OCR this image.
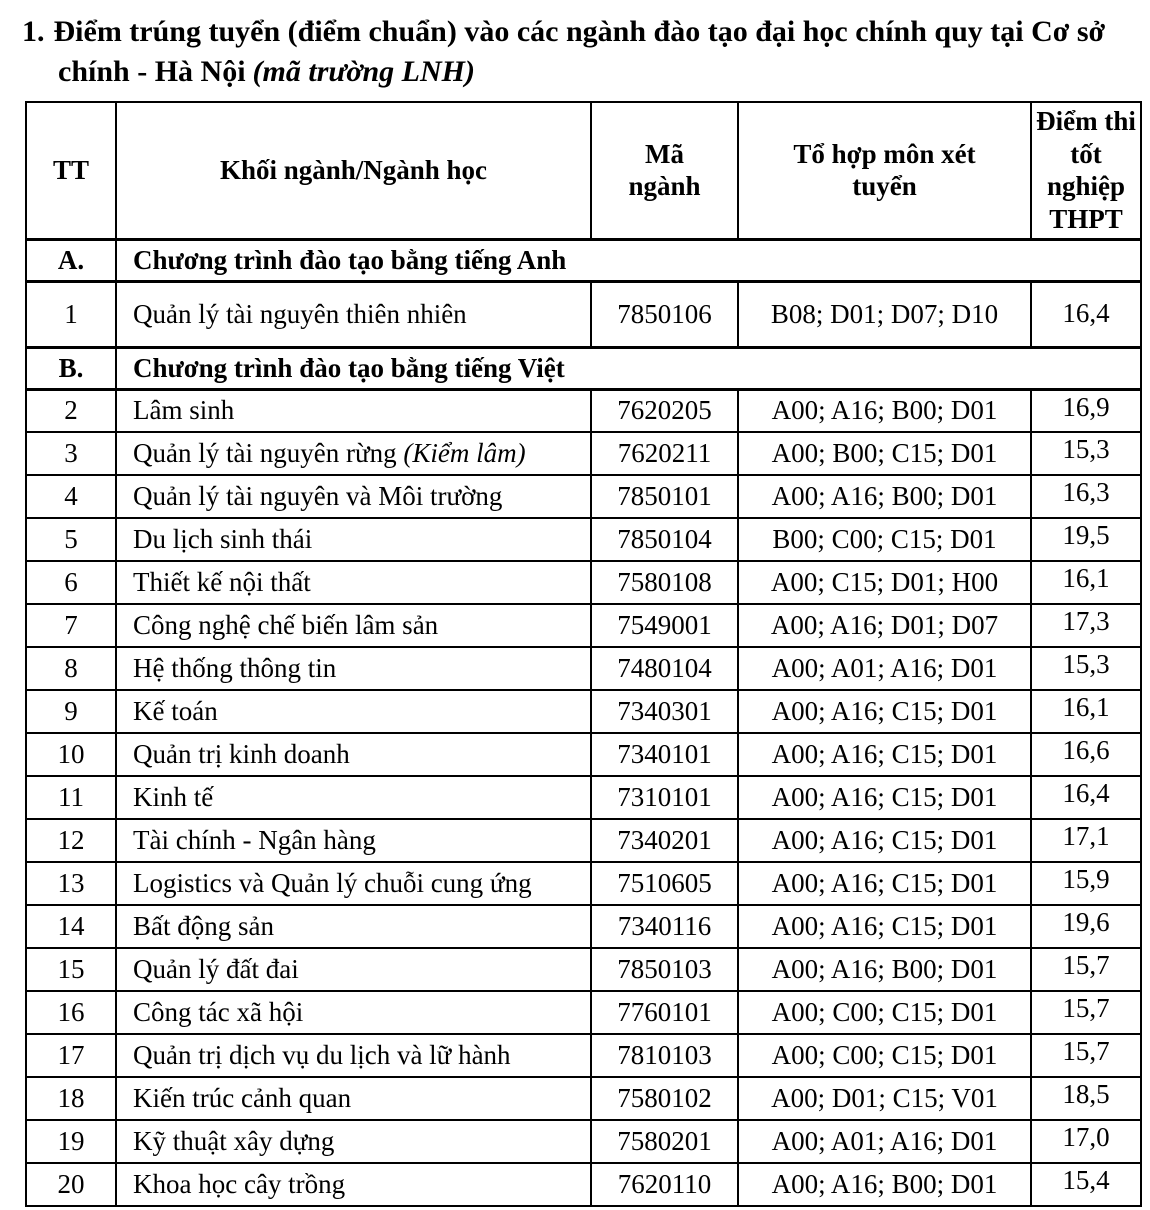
1. Điểm trúng tuyển (điểm chuẩn) vào các ngành đào tạo đại học chính quy tại Cơ sở chính - Hà Nội (mã trường LNH)
TT	Khối ngành/Ngành học	Mã ngành	Tổ hợp môn xét tuyển	Điểm thi tốt nghiệp THPT
A.	Chương trình đào tạo bằng tiếng Anh			
1	Quản lý tài nguyên thiên nhiên	7850106	B08; D01; D07; D10	16,4
B.	Chương trình đào tạo bằng tiếng Việt			
2	Lâm sinh	7620205	A00; A16; B00; D01	16,9
3	Quản lý tài nguyên rừng (Kiểm lâm)	7620211	A00; B00; C15; D01	15,3
4	Quản lý tài nguyên và Môi trường	7850101	A00; A16; B00; D01	16,3
5	Du lịch sinh thái	7850104	B00; C00; C15; D01	19,5
6	Thiết kế nội thất	7580108	A00; C15; D01; H00	16,1
7	Công nghệ chế biến lâm sản	7549001	A00; A16; D01; D07	17,3
8	Hệ thống thông tin	7480104	A00; A01; A16; D01	15,3
9	Kế toán	7340301	A00; A16; C15; D01	16,1
10	Quản trị kinh doanh	7340101	A00; A16; C15; D01	16,6
11	Kinh tế	7310101	A00; A16; C15; D01	16,4
12	Tài chính - Ngân hàng	7340201	A00; A16; C15; D01	17,1
13	Logistics và Quản lý chuỗi cung ứng	7510605	A00; A16; C15; D01	15,9
14	Bất động sản	7340116	A00; A16; C15; D01	19,6
15	Quản lý đất đai	7850103	A00; A16; B00; D01	15,7
16	Công tác xã hội	7760101	A00; C00; C15; D01	15,7
17	Quản trị dịch vụ du lịch và lữ hành	7810103	A00; C00; C15; D01	15,7
18	Kiến trúc cảnh quan	7580102	A00; D01; C15; V01	18,5
19	Kỹ thuật xây dựng	7580201	A00; A01; A16; D01	17,0
20	Khoa học cây trồng	7620110	A00; A16; B00; D01	15,4
